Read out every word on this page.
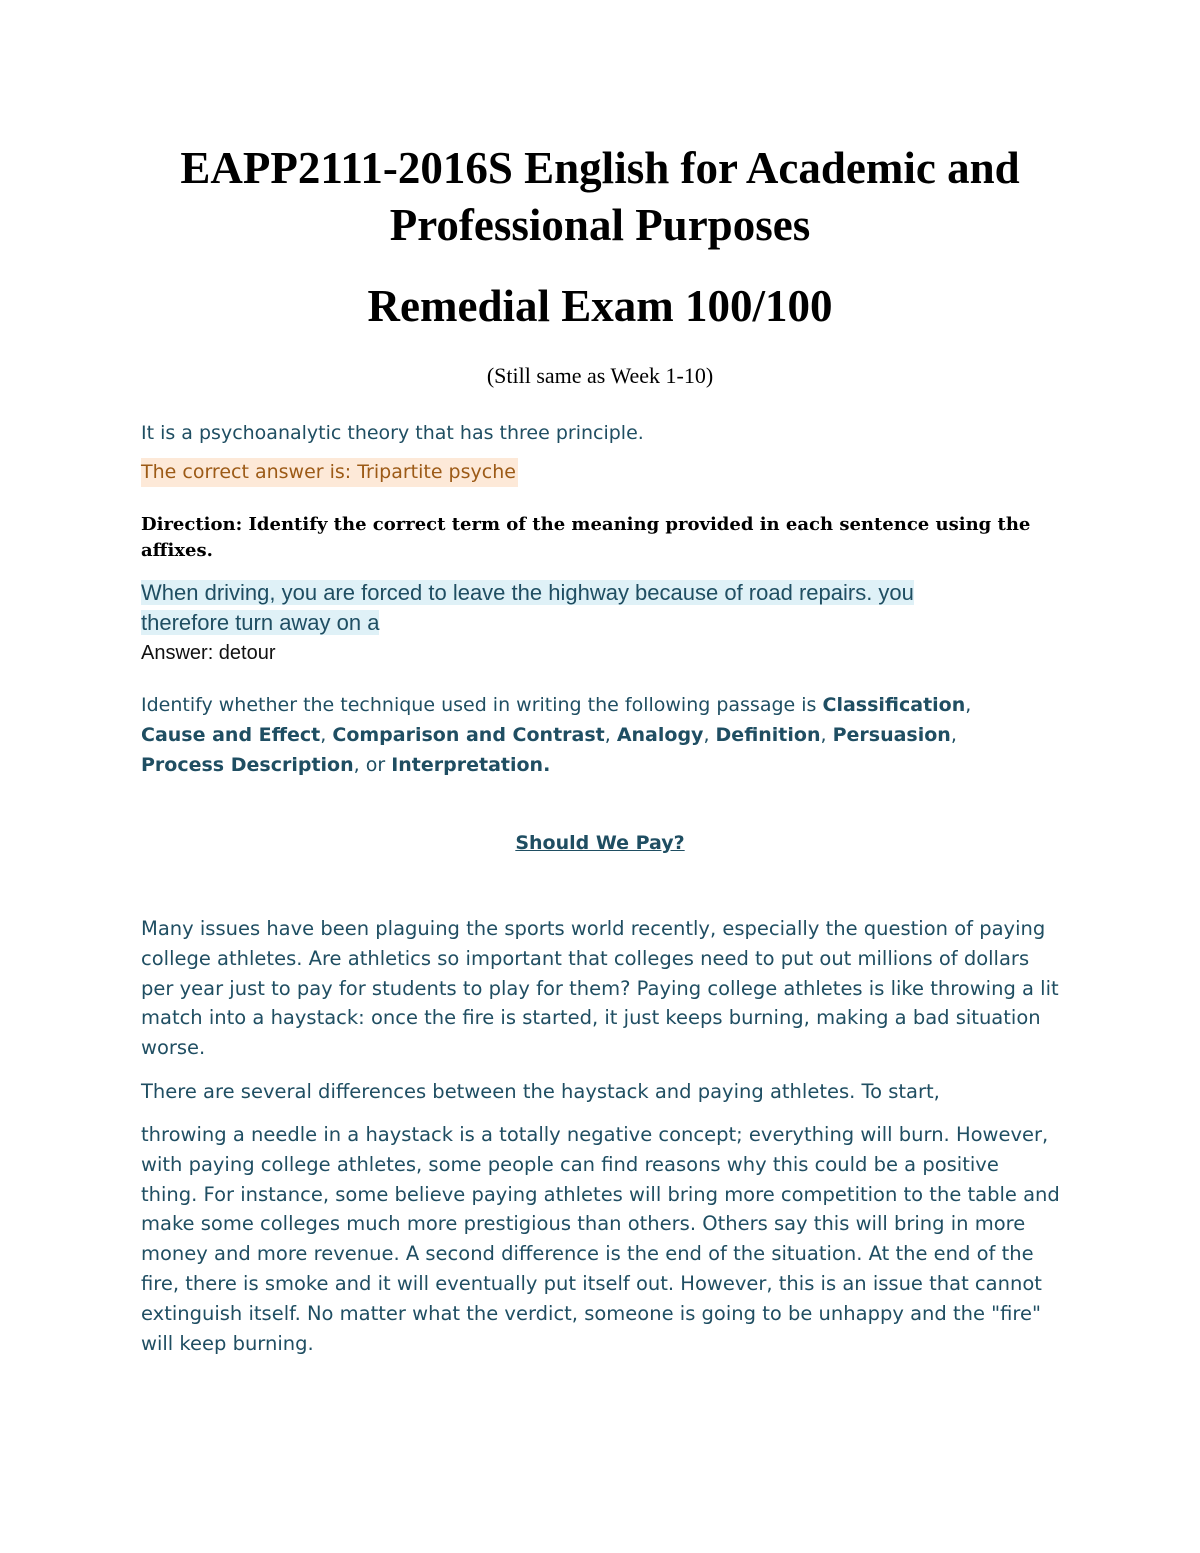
EAPP2111-2016S English for Academic and
Professional Purposes
Remedial Exam 100/100
(Still same as Week 1-10)
It is a psychoanalytic theory that has three principle.
The correct answer is: Tripartite psyche
Direction: Identify the correct term of the meaning provided in each sentence using the affixes.
When driving, you are forced to leave the highway because of road repairs. you therefore turn away on a
Answer: detour
Identify whether the technique used in writing the following passage is Classification, Cause and Effect, Comparison and Contrast, Analogy, Definition, Persuasion, Process Description, or Interpretation.
Should We Pay?

Many issues have been plaguing the sports world recently, especially the question of paying college athletes. Are athletics so important that colleges need to put out millions of dollars per year just to pay for students to play for them? Paying college athletes is like throwing a lit match into a haystack: once the fire is started, it just keeps burning, making a bad situation worse.

There are several differences between the haystack and paying athletes. To start,

throwing a needle in a haystack is a totally negative concept; everything will burn. However, with paying college athletes, some people can find reasons why this could be a positive thing. For instance, some believe paying athletes will bring more competition to the table and make some colleges much more prestigious than others. Others say this will bring in more money and more revenue. A second difference is the end of the situation. At the end of the fire, there is smoke and it will eventually put itself out. However, this is an issue that cannot extinguish itself. No matter what the verdict, someone is going to be unhappy and the "fire" will keep burning.
